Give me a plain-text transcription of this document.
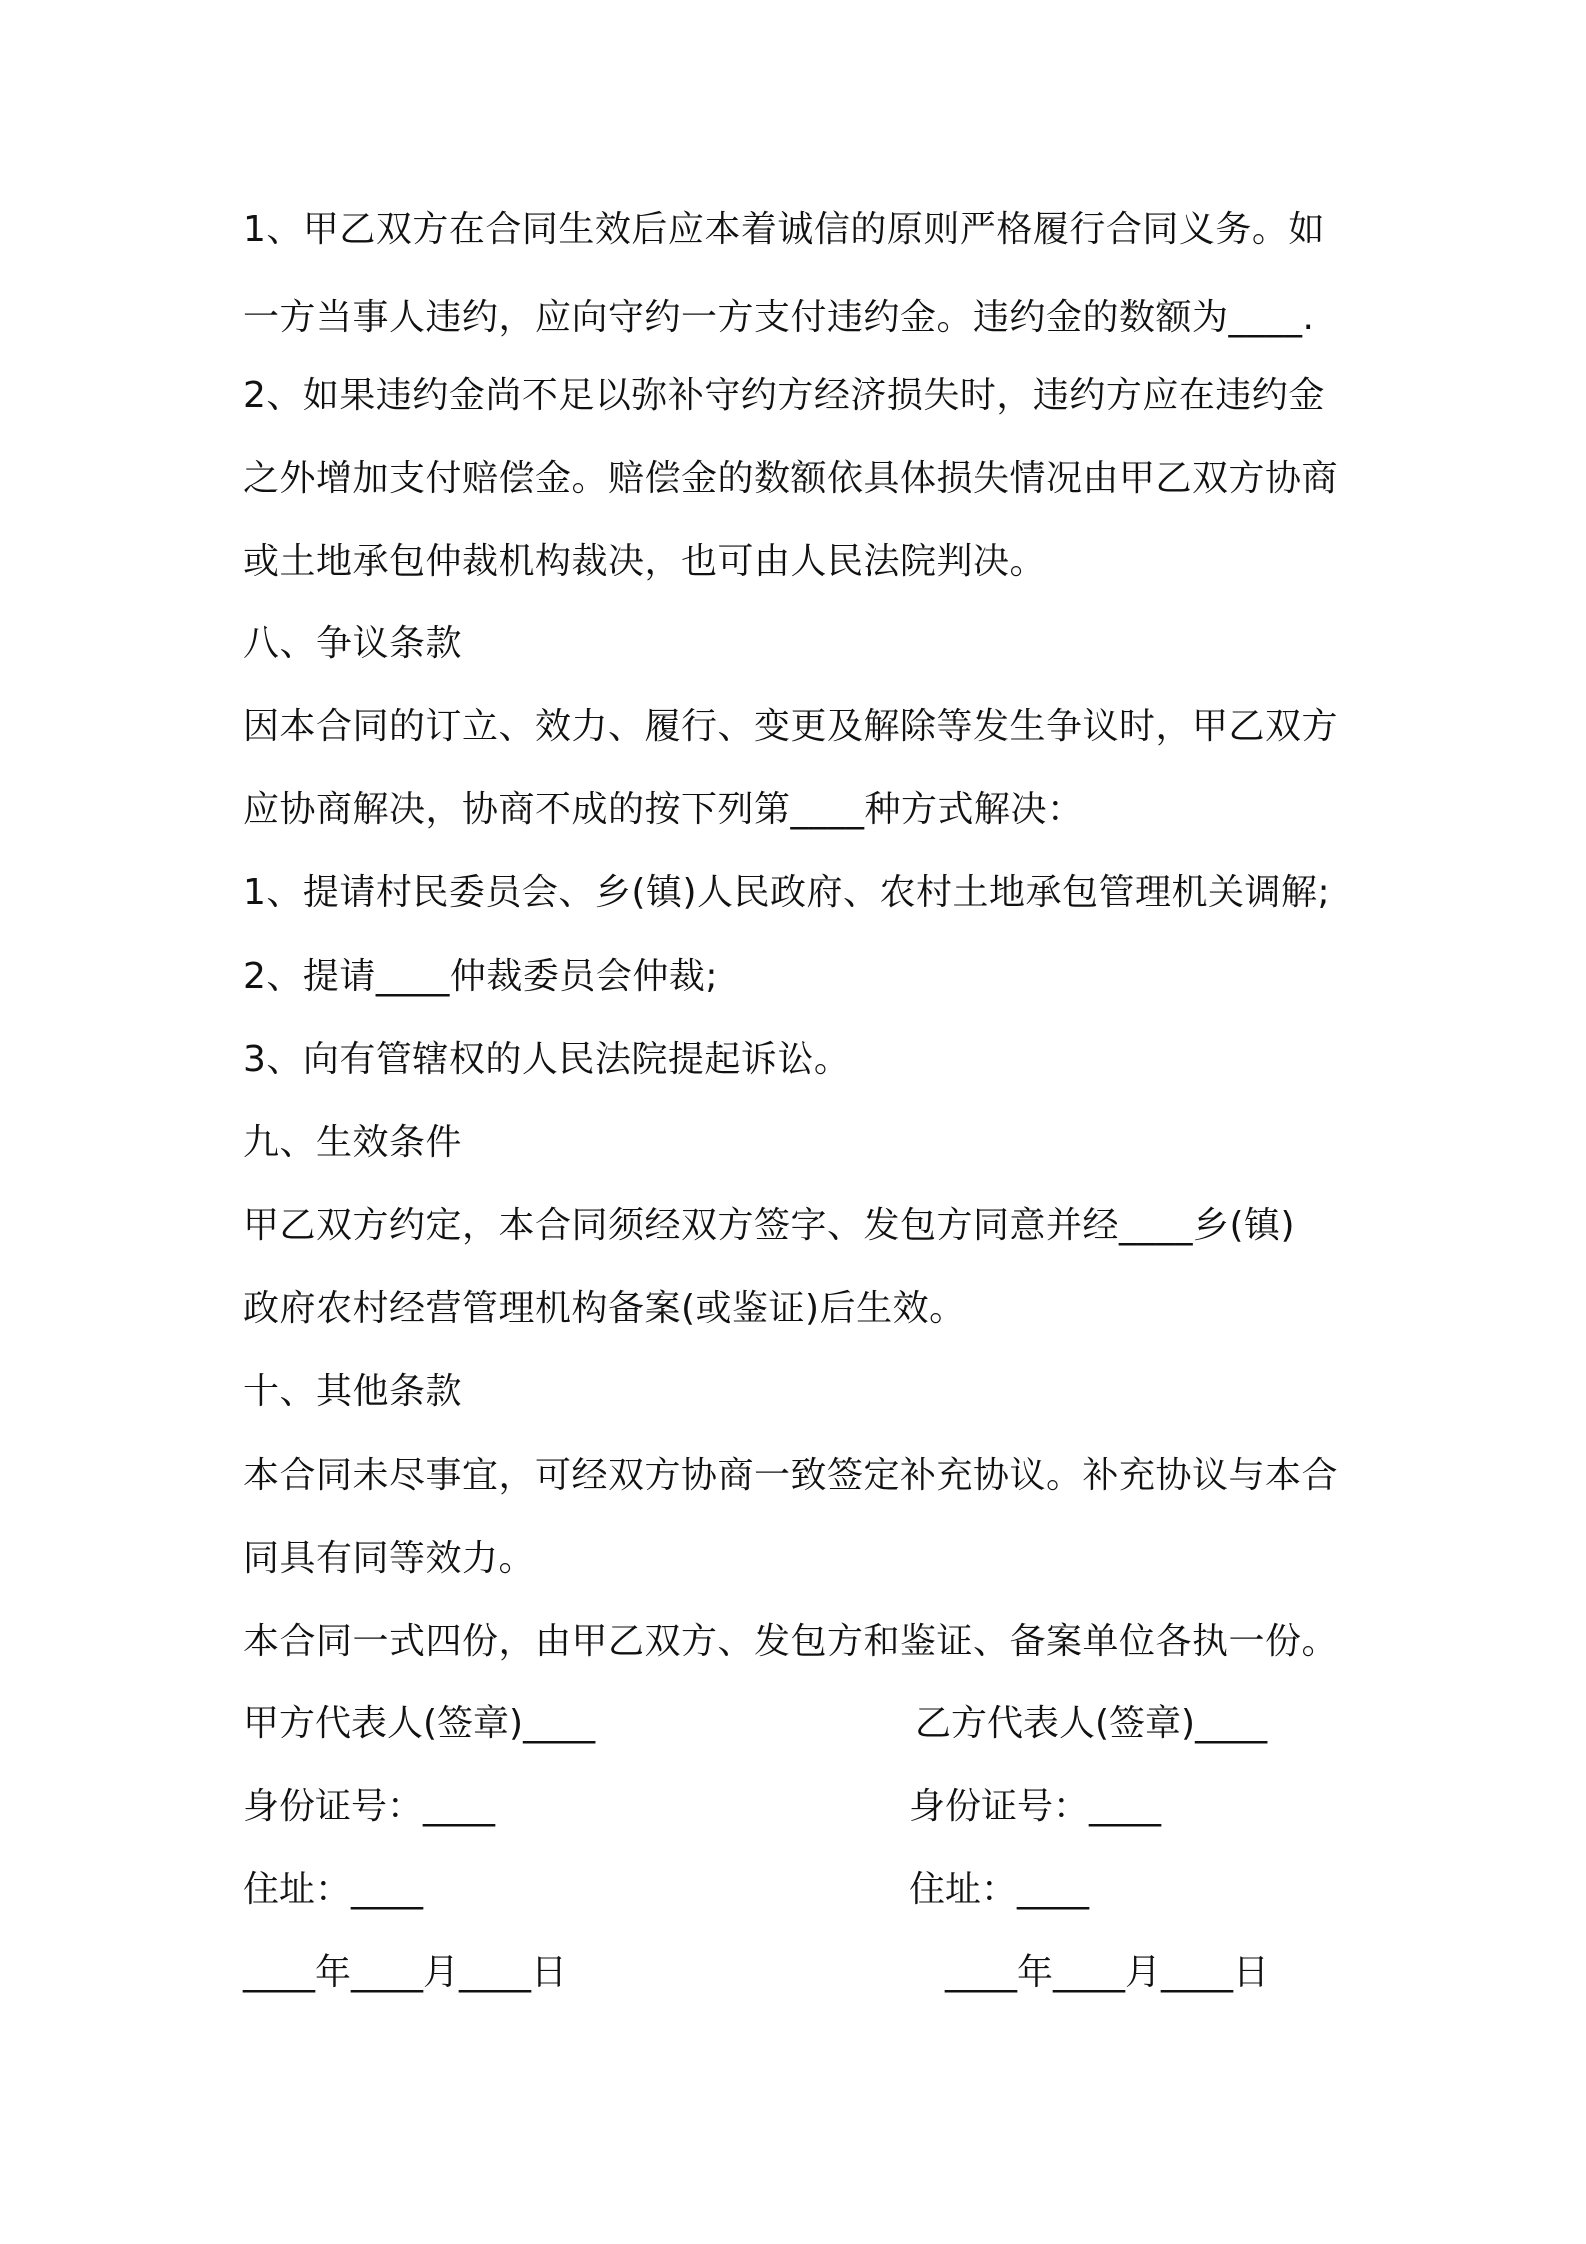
1、甲乙双方在合同生效后应本着诚信的原则严格履行合同义务。如
一方当事人违约，应向守约一方支付违约金。违约金的数额为____.
2、如果违约金尚不足以弥补守约方经济损失时，违约方应在违约金
之外增加支付赔偿金。赔偿金的数额依具体损失情况由甲乙双方协商
或土地承包仲裁机构裁决，也可由人民法院判决。
八、争议条款
因本合同的订立、效力、履行、变更及解除等发生争议时，甲乙双方
应协商解决，协商不成的按下列第____种方式解决：
1、提请村民委员会、乡(镇)人民政府、农村土地承包管理机关调解;
2、提请____仲裁委员会仲裁;
3、向有管辖权的人民法院提起诉讼。
九、生效条件
甲乙双方约定，本合同须经双方签字、发包方同意并经____乡(镇)
政府农村经营管理机构备案(或鉴证)后生效。
十、其他条款
本合同未尽事宜，可经双方协商一致签定补充协议。补充协议与本合
同具有同等效力。
本合同一式四份，由甲乙双方、发包方和鉴证、备案单位各执一份。
甲方代表人(签章)____
身份证号：____
住址：____
____年____月____日
乙方代表人(签章)____
身份证号：____
住址：____
____年____月____日
